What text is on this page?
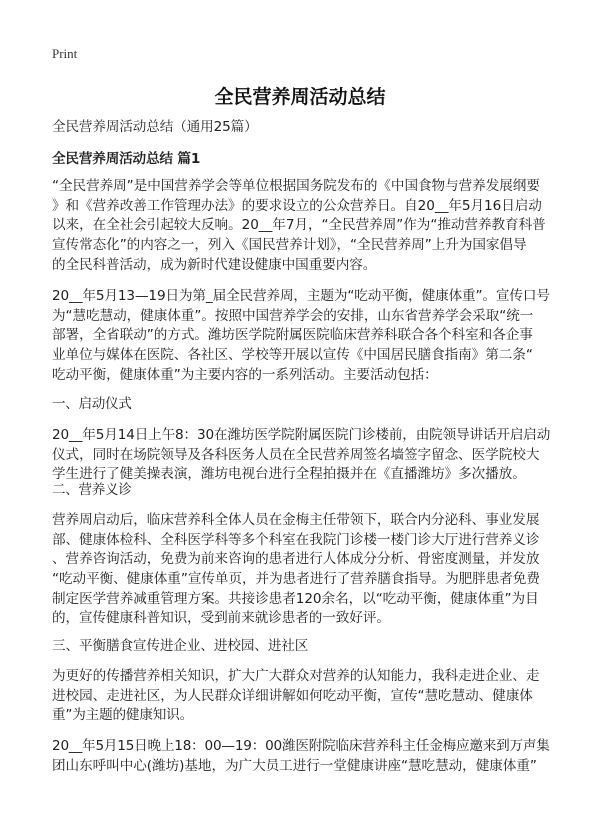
Print
全民营养周活动总结
全民营养周活动总结（通用25篇）
全民营养周活动总结 篇1
“全民营养周”是中国营养学会等单位根据国务院发布的《中国食物与营养发展纲要
》和《营养改善工作管理办法》的要求设立的公众营养日。自20__年5月16日启动
以来，在全社会引起较大反响。20__年7月，“全民营养周”作为“推动营养教育科普
宣传常态化”的内容之一，列入《国民营养计划》，“全民营养周”上升为国家倡导
的全民科普活动，成为新时代建设健康中国重要内容。
20__年5月13—19日为第_届全民营养周，主题为“吃动平衡，健康体重”。宣传口号
为“慧吃慧动，健康体重”。按照中国营养学会的安排，山东省营养学会采取“统一
部署，全省联动”的方式。潍坊医学院附属医院临床营养科联合各个科室和各企事
业单位与媒体在医院、各社区、学校等开展以宣传《中国居民膳食指南》第二条“
吃动平衡，健康体重”为主要内容的一系列活动。主要活动包括：
一、启动仪式
20__年5月14日上午8：30在潍坊医学院附属医院门诊楼前，由院领导讲话开启启动
仪式，同时在场院领导及各科医务人员在全民营养周签名墙签字留念、医学院校大
学生进行了健美操表演，潍坊电视台进行全程拍摄并在《直播潍坊》多次播放。
二、营养义诊
营养周启动后，临床营养科全体人员在金梅主任带领下，联合内分泌科、事业发展
部、健康体检科、全科医学科等多个科室在我院门诊楼一楼门诊大厅进行营养义诊
、营养咨询活动，免费为前来咨询的患者进行人体成分分析、骨密度测量，并发放
“吃动平衡、健康体重”宣传单页，并为患者进行了营养膳食指导。为肥胖患者免费
制定医学营养减重管理方案。共接诊患者120余名，以“吃动平衡，健康体重”为目
的，宣传健康科普知识，受到前来就诊患者的一致好评。
三、平衡膳食宣传进企业、进校园、进社区
为更好的传播营养相关知识，扩大广大群众对营养的认知能力，我科走进企业、走
进校园、走进社区，为人民群众详细讲解如何吃动平衡，宣传“慧吃慧动、健康体
重”为主题的健康知识。
20__年5月15日晚上18：00—19：00潍医附院临床营养科主任金梅应邀来到万声集
团山东呼叫中心(潍坊)基地，为广大员工进行一堂健康讲座“慧吃慧动，健康体重”
